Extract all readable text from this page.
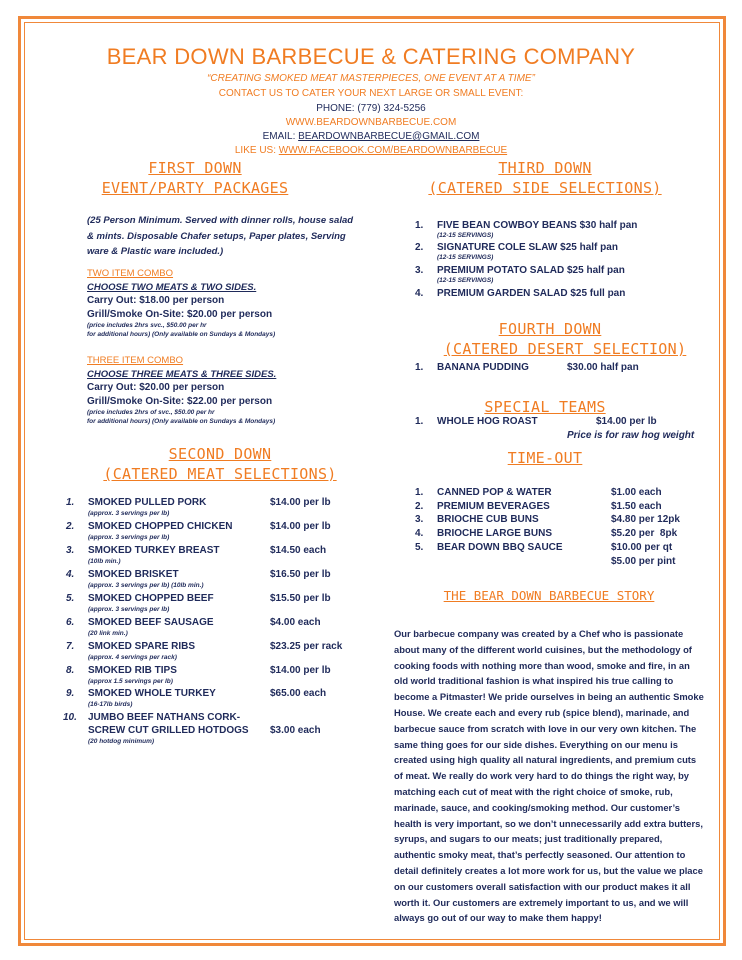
BEAR DOWN BARBECUE & CATERING COMPANY
“CREATING SMOKED MEAT MASTERPIECES, ONE EVENT AT A TIME”
CONTACT US TO CATER YOUR NEXT LARGE OR SMALL EVENT:
PHONE: (779) 324-5256
WWW.BEARDOWNBARBECUE.COM
EMAIL: BEARDOWNBARBECUE@GMAIL.COM
LIKE US: WWW.FACEBOOK.COM/BEARDOWNBARBECUE
FIRST DOWN
EVENT/PARTY PACKAGES
(25 Person Minimum. Served with dinner rolls, house salad & mints. Disposable Chafer setups, Paper plates, Serving ware & Plastic ware included.)
TWO ITEM COMBO
CHOOSE TWO MEATS & TWO SIDES.
Carry Out: $18.00 per person
Grill/Smoke On-Site: $20.00 per person
(price includes 2hrs svc., $50.00 per hr
for additional hours) (Only available on Sundays & Mondays)
THREE ITEM COMBO
CHOOSE THREE MEATS & THREE SIDES.
Carry Out: $20.00 per person
Grill/Smoke On-Site: $22.00 per person
(price includes 2hrs of svc., $50.00 per hr
for additional hours) (Only available on Sundays & Mondays)
SECOND DOWN
(CATERED MEAT SELECTIONS)
1. SMOKED PULLED PORK	$14.00 per lb
(approx. 3 servings per lb)
2. SMOKED CHOPPED CHICKEN	$14.00 per lb
(approx. 3 servings per lb)
3. SMOKED TURKEY BREAST	$14.50 each
(10lb min.)
4. SMOKED BRISKET	$16.50 per lb
(approx. 3 servings per lb) (10lb min.)
5. SMOKED CHOPPED BEEF	$15.50 per lb
(approx. 3 servings per lb)
6. SMOKED BEEF SAUSAGE	$4.00 each
(20 link min.)
7. SMOKED SPARE RIBS	$23.25 per rack
(approx. 4 servings per rack)
8. SMOKED RIB TIPS	$14.00 per lb
(approx 1.5 servings per lb)
9. SMOKED WHOLE TURKEY	$65.00 each
(16-17lb birds)
10. JUMBO BEEF NATHANS CORK-
SCREW CUT GRILLED HOTDOGS $3.00 each
(20 hotdog minimum)
THIRD DOWN
(CATERED SIDE SELECTIONS)
1. FIVE BEAN COWBOY BEANS $30 half pan
(12-15 SERVINGS)
2. SIGNATURE COLE SLAW $25 half pan
(12-15 SERVINGS)
3. PREMIUM POTATO SALAD $25 half pan
(12-15 SERVINGS)
4. PREMIUM GARDEN SALAD $25 full pan
FOURTH DOWN
(CATERED DESERT SELECTION)
1. BANANA PUDDING	$30.00 half pan
SPECIAL TEAMS
1. WHOLE HOG ROAST	$14.00 per lb
Price is for raw hog weight
TIME-OUT
1. CANNED POP & WATER	$1.00 each
2. PREMIUM BEVERAGES	$1.50 each
3. BRIOCHE CUB BUNS	$4.80 per 12pk
4. BRIOCHE LARGE BUNS	$5.20 per  8pk
5. BEAR DOWN BBQ SAUCE	$10.00 per qt
$5.00 per pint
THE BEAR DOWN BARBECUE STORY
Our barbecue company was created by a Chef who is passionate about many of the different world cuisines, but the methodology of cooking foods with nothing more than wood, smoke and fire, in an old world traditional fashion is what inspired his true calling to become a Pitmaster! We pride ourselves in being an authentic Smoke House. We create each and every rub (spice blend), marinade, and barbecue sauce from scratch with love in our very own kitchen. The same thing goes for our side dishes. Everything on our menu is created using high quality all natural ingredients, and premium cuts of meat. We really do work very hard to do things the right way, by matching each cut of meat with the right choice of smoke, rub, marinade, sauce, and cooking/smoking method. Our customer’s health is very important, so we don’t unnecessarily add extra butters, syrups, and sugars to our meats; just traditionally prepared, authentic smoky meat, that’s perfectly seasoned. Our attention to detail definitely creates a lot more work for us, but the value we place on our customers overall satisfaction with our product makes it all worth it. Our customers are extremely important to us, and we will always go out of our way to make them happy!
